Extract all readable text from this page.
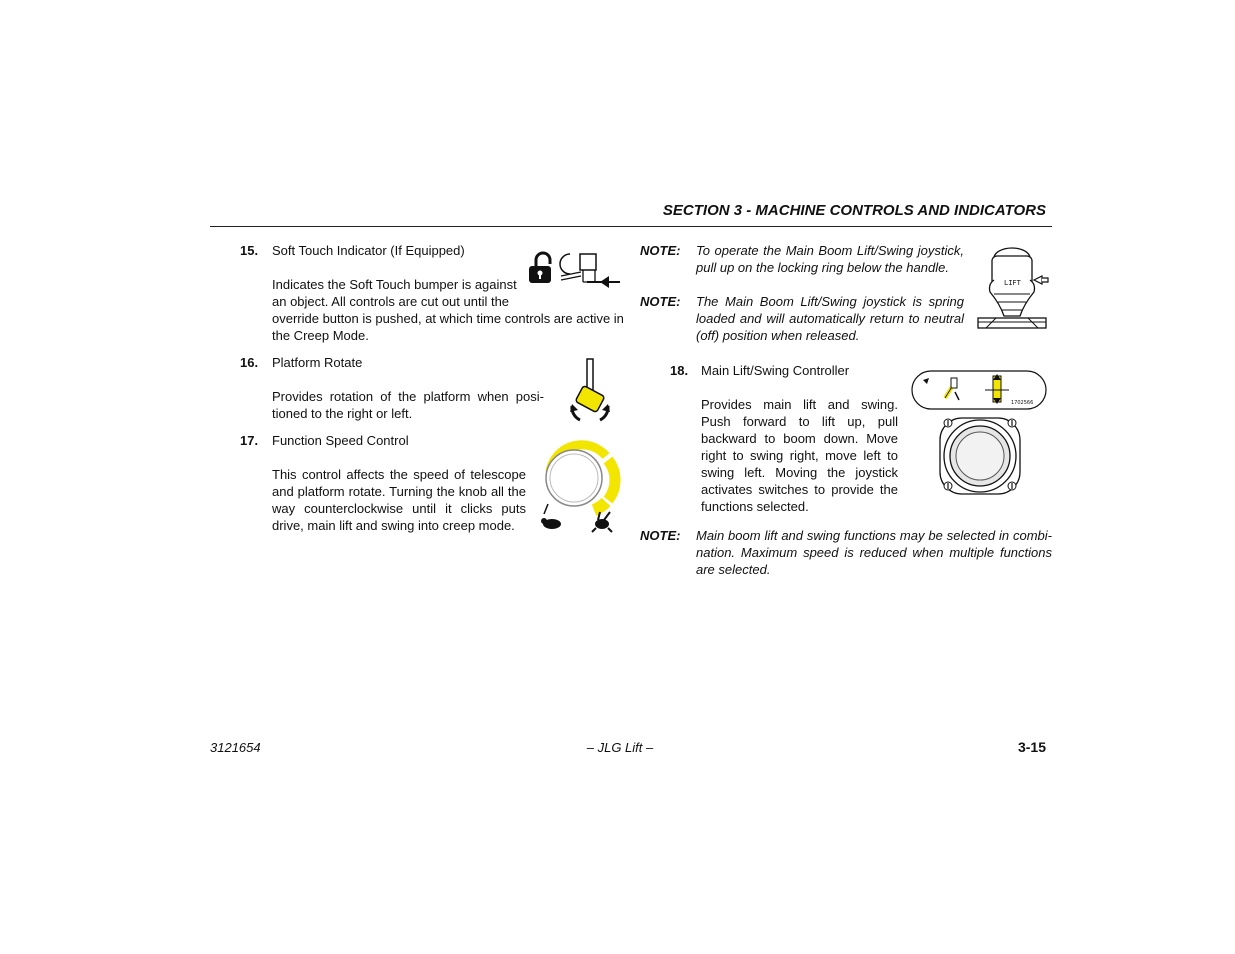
SECTION 3 - MACHINE CONTROLS AND INDICATORS
15. Soft Touch Indicator (If Equipped)
Indicates the Soft Touch bumper is against
an object. All controls are cut out until the
override button is pushed, at which time controls are active in the Creep Mode.
16. Platform Rotate
Provides rotation of the platform when posi-tioned to the right or left.
17. Function Speed Control
This control affects the speed of telescope and platform rotate. Turning the knob all the way counterclockwise until it clicks puts drive, main lift and swing into creep mode.
NOTE: To operate the Main Boom Lift/Swing joystick, pull up on the locking ring below the handle.
NOTE: The Main Boom Lift/Swing joystick is spring loaded and will automatically return to neutral (off) position when released.
LIFT
18. Main Lift/Swing Controller
Provides main lift and swing. Push forward to lift up, pull backward to boom down. Move right to swing right, move left to swing left. Moving the joystick activates switches to provide the functions selected.
1702566
NOTE: Main boom lift and swing functions may be selected in combi-nation. Maximum speed is reduced when multiple functions are selected.
3121654	– JLG Lift –	3-15
